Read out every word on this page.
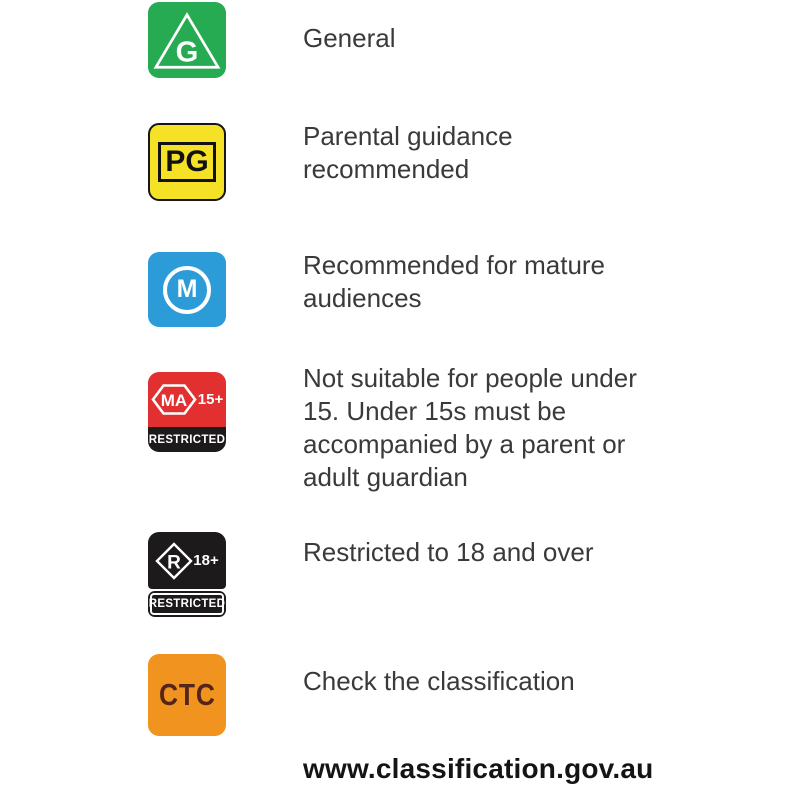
G	General
PG
Parental guidance recommended
M
Recommended for mature audiences
MA 15+
RESTRICTED
Not suitable for people under 15. Under 15s must be accompanied by a parent or adult guardian
R 18+
RESTRICTED
Restricted to 18 and over
CTC	Check the classification
www.classification.gov.au
